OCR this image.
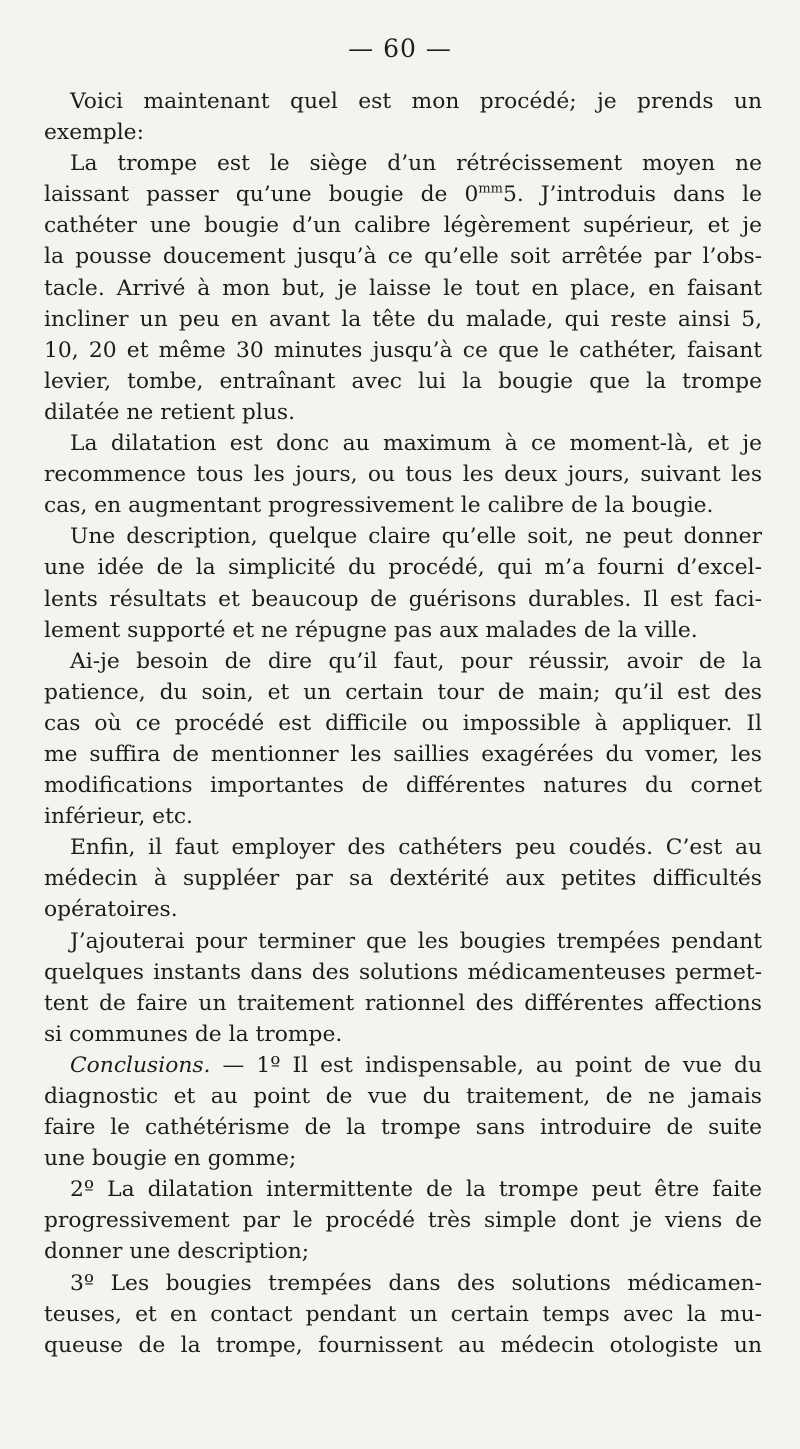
— 60 —

Voici maintenant quel est mon procédé; je prends un
exemple:

La trompe est le siège d’un rétrécissement moyen ne
laissant passer qu’une bougie de $0^{mm}5$. J’introduis dans le
cathéter une bougie d’un calibre légèrement supérieur, et je
la pousse doucement jusqu’à ce qu’elle soit arrêtée par l’obs-
tacle. Arrivé à mon but, je laisse le tout en place, en faisant
incliner un peu en avant la tête du malade, qui reste ainsi 5,
10, 20 et même 30 minutes jusqu’à ce que le cathéter, faisant
levier, tombe, entraînant avec lui la bougie que la trompe
dilatée ne retient plus.

La dilatation est donc au maximum à ce moment-là, et je
recommence tous les jours, ou tous les deux jours, suivant les
cas, en augmentant progressivement le calibre de la bougie.

Une description, quelque claire qu’elle soit, ne peut donner
une idée de la simplicité du procédé, qui m’a fourni d’excel-
lents résultats et beaucoup de guérisons durables. Il est faci-
lement supporté et ne répugne pas aux malades de la ville.

Ai-je besoin de dire qu’il faut, pour réussir, avoir de la
patience, du soin, et un certain tour de main; qu’il est des
cas où ce procédé est difficile ou impossible à appliquer. Il
me suffira de mentionner les saillies exagérées du vomer, les
modifications importantes de différentes natures du cornet
inférieur, etc.

Enfin, il faut employer des cathéters peu coudés. C’est au
médecin à suppléer par sa dextérité aux petites difficultés
opératoires.

J’ajouterai pour terminer que les bougies trempées pendant
quelques instants dans des solutions médicamenteuses permet-
tent de faire un traitement rationnel des différentes affections
si communes de la trompe.

Conclusions. — 1º Il est indispensable, au point de vue du
diagnostic et au point de vue du traitement, de ne jamais
faire le cathétérisme de la trompe sans introduire de suite
une bougie en gomme;

2º La dilatation intermittente de la trompe peut être faite
progressivement par le procédé très simple dont je viens de
donner une description;

3º Les bougies trempées dans des solutions médicamen-
teuses, et en contact pendant un certain temps avec la mu-
queuse de la trompe, fournissent au médecin otologiste un
